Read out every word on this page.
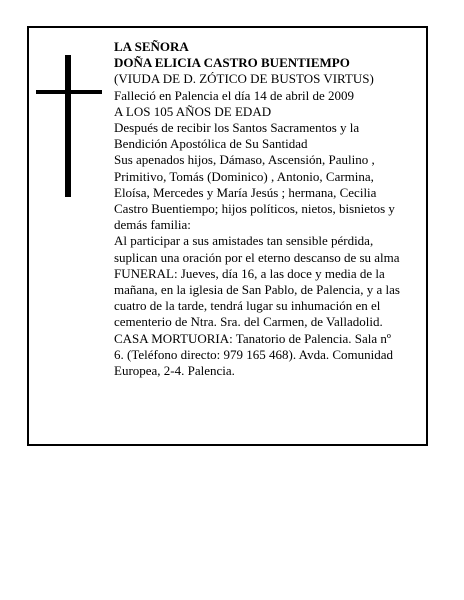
LA SEÑORA
DOÑA ELICIA CASTRO BUENTIEMPO
(VIUDA DE D. ZÓTICO DE BUSTOS VIRTUS)
Falleció en Palencia el día 14 de abril de 2009
A LOS 105 AÑOS DE EDAD
Después de recibir los Santos Sacramentos y la
Bendición Apostólica de Su Santidad
Sus apenados hijos, Dámaso, Ascensión, Paulino ,
Primitivo, Tomás (Dominico) , Antonio, Carmina,
Eloísa, Mercedes y María Jesús ; hermana, Cecilia
Castro Buentiempo; hijos políticos, nietos, bisnietos y
demás familia:
Al participar a sus amistades tan sensible pérdida,
suplican una oración por el eterno descanso de su alma
FUNERAL: Jueves, día 16, a las doce y media de la
mañana, en la iglesia de San Pablo, de Palencia, y a las
cuatro de la tarde, tendrá lugar su inhumación en el
cementerio de Ntra. Sra. del Carmen, de Valladolid.
CASA MORTUORIA: Tanatorio de Palencia. Sala nº
6. (Teléfono directo: 979 165 468). Avda. Comunidad
Europea, 2-4. Palencia.
